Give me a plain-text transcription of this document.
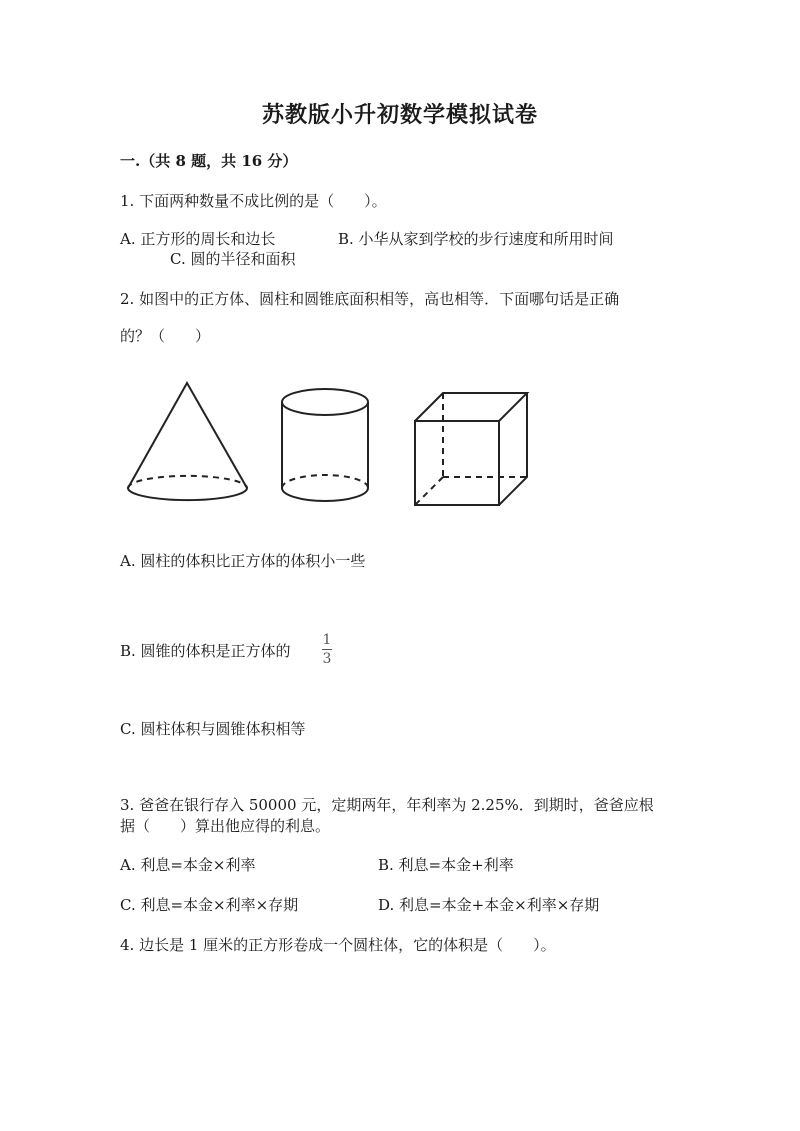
苏教版小升初数学模拟试卷
一.（共 8 题，共 16 分）
1. 下面两种数量不成比例的是（　　）。
A. 正方形的周长和边长	B. 小华从家到学校的步行速度和所用时间
C. 圆的半径和面积
2. 如图中的正方体、圆柱和圆锥底面积相等，高也相等．下面哪句话是正确
的？（　　）
A. 圆柱的体积比正方体的体积小一些
B. 圆锥的体积是正方体的
1
3
C. 圆柱体积与圆锥体积相等
3. 爸爸在银行存入 50000 元，定期两年，年利率为 2.25%．到期时，爸爸应根
据（　　）算出他应得的利息。
A. 利息=本金×利率	B. 利息=本金+利率
C. 利息=本金×利率×存期	D. 利息=本金+本金×利率×存期
4. 边长是 1 厘米的正方形卷成一个圆柱体，它的体积是（　　）。
